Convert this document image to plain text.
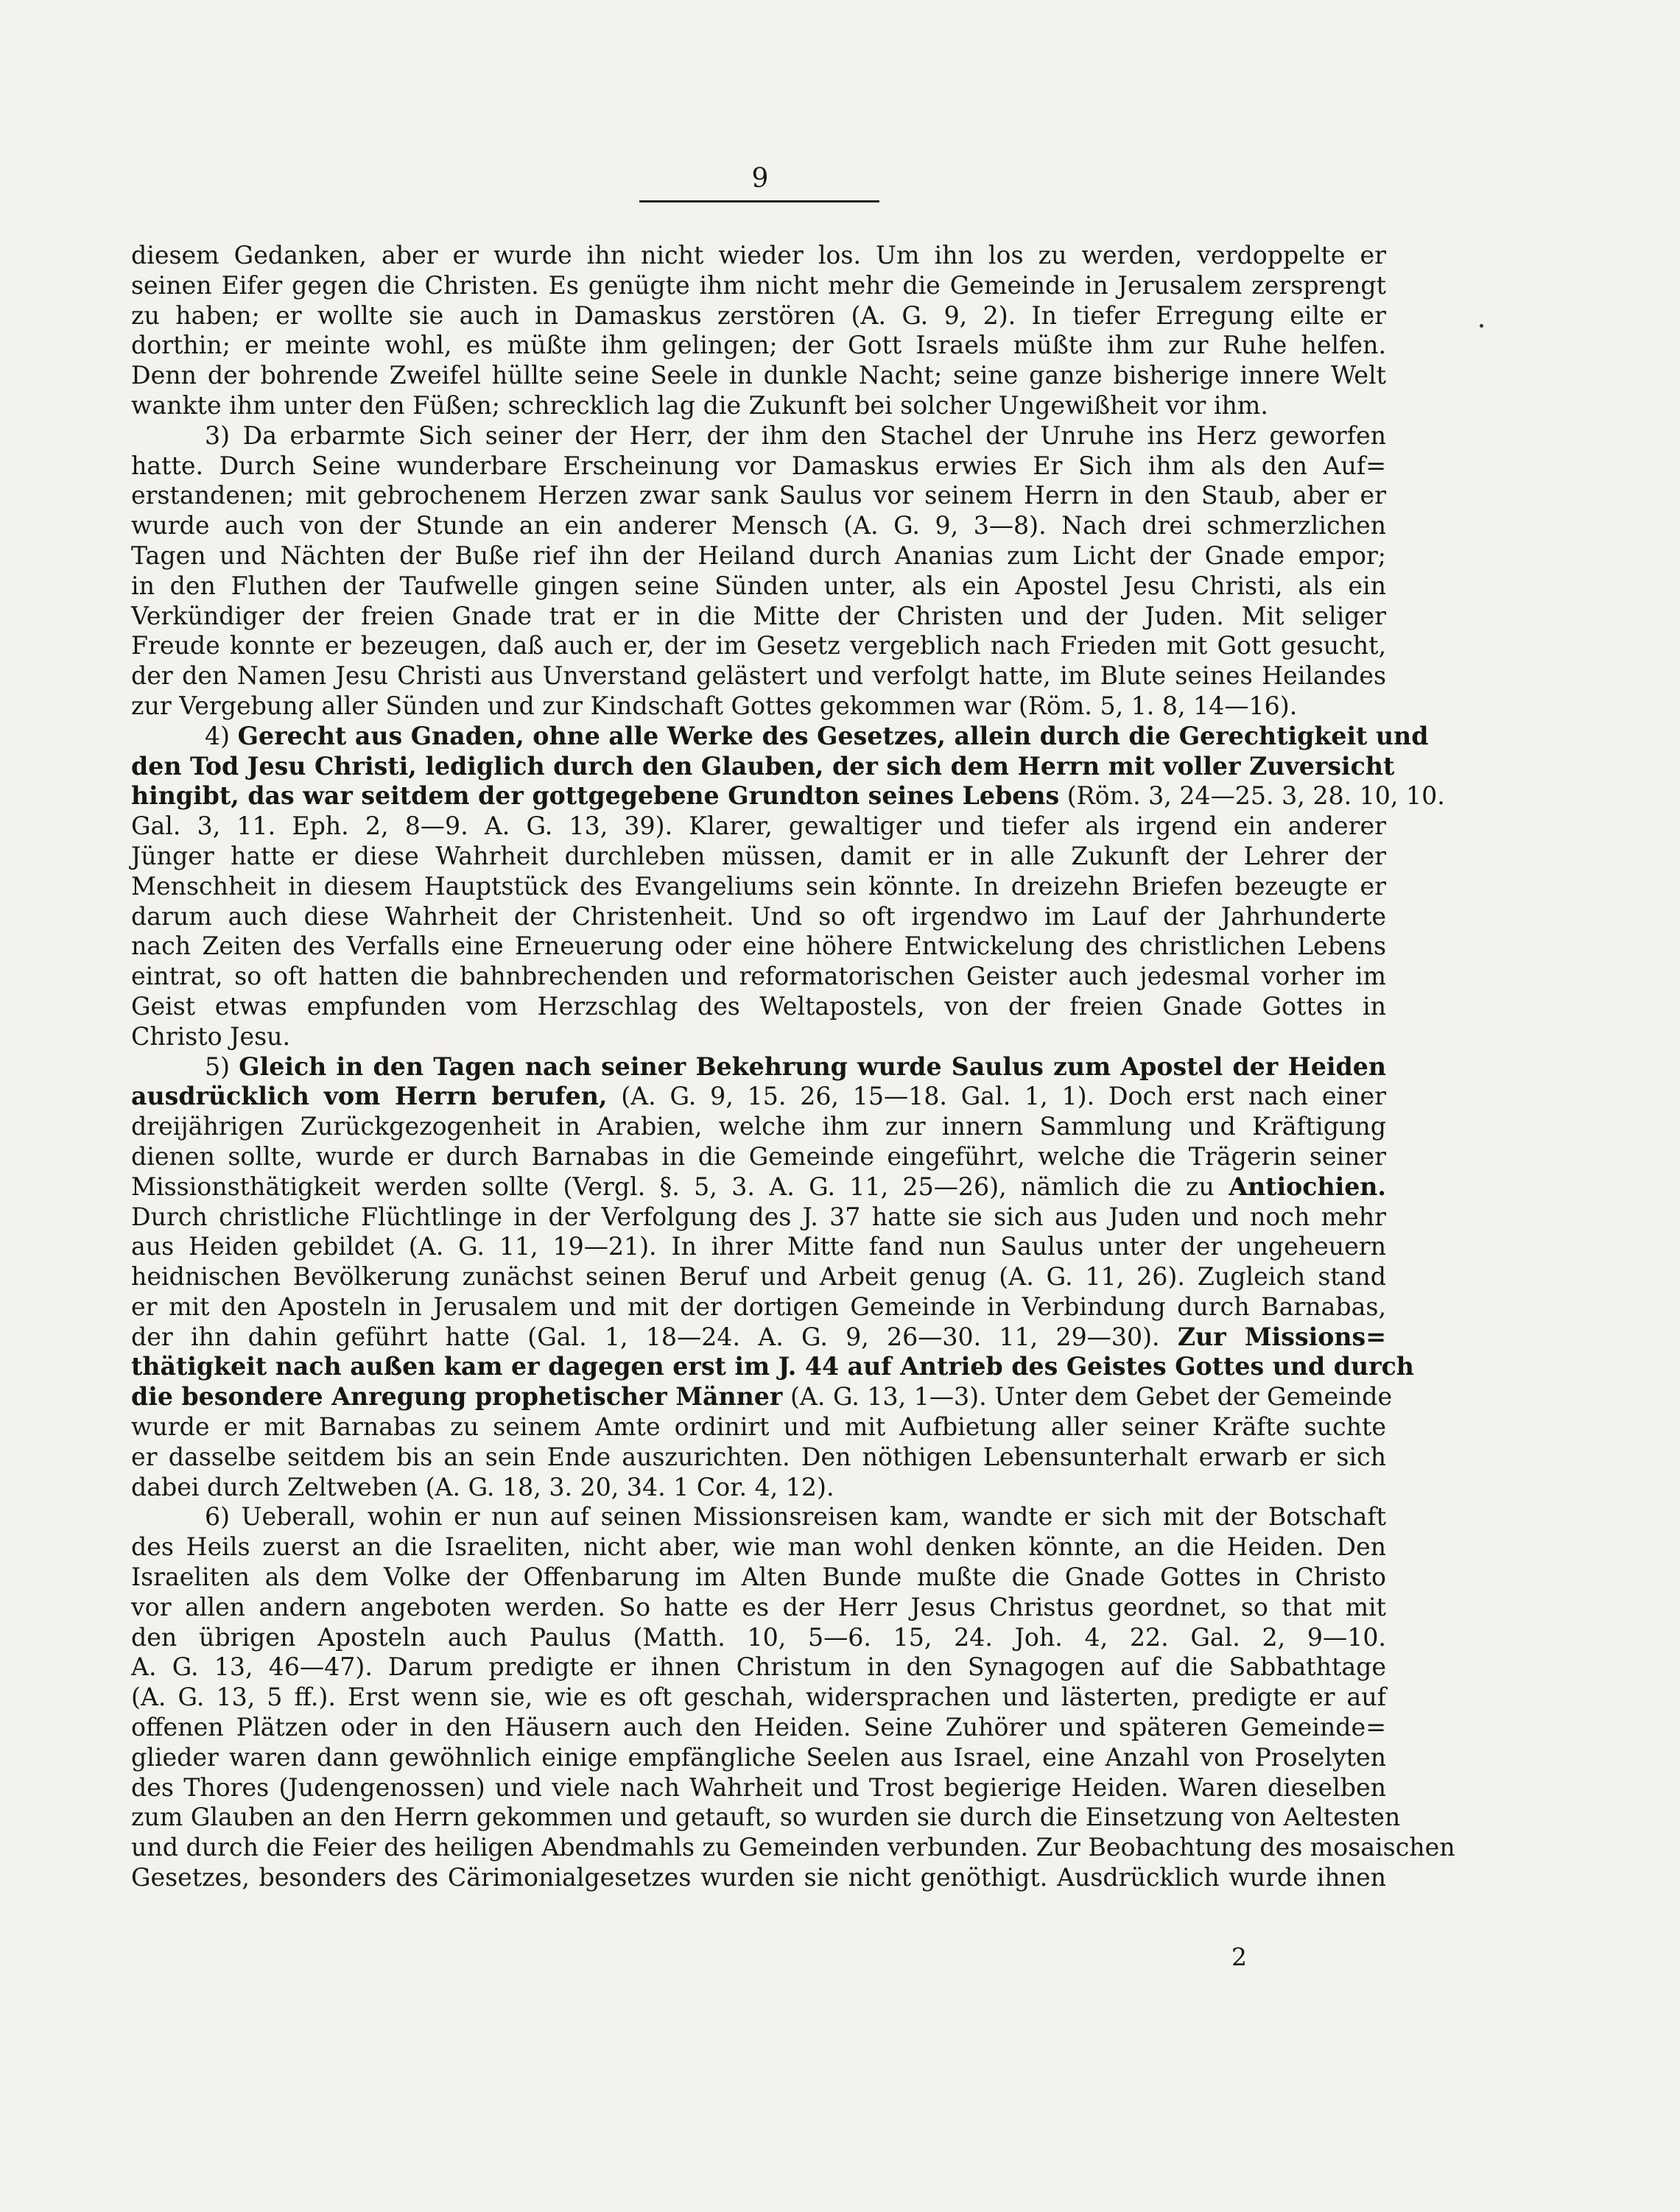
9
diesem Gedanken, aber er wurde ihn nicht wieder los. Um ihn los zu werden, verdoppelte er
seinen Eifer gegen die Christen. Es genügte ihm nicht mehr die Gemeinde in Jerusalem zersprengt
zu haben; er wollte sie auch in Damaskus zerstören (A. G. 9, 2). In tiefer Erregung eilte er
dorthin; er meinte wohl, es müßte ihm gelingen; der Gott Israels müßte ihm zur Ruhe helfen.
Denn der bohrende Zweifel hüllte seine Seele in dunkle Nacht; seine ganze bisherige innere Welt
wankte ihm unter den Füßen; schrecklich lag die Zukunft bei solcher Ungewißheit vor ihm.
3) Da erbarmte Sich seiner der Herr, der ihm den Stachel der Unruhe ins Herz geworfen
hatte. Durch Seine wunderbare Erscheinung vor Damaskus erwies Er Sich ihm als den Auf=
erstandenen; mit gebrochenem Herzen zwar sank Saulus vor seinem Herrn in den Staub, aber er
wurde auch von der Stunde an ein anderer Mensch (A. G. 9, 3—8). Nach drei schmerzlichen
Tagen und Nächten der Buße rief ihn der Heiland durch Ananias zum Licht der Gnade empor;
in den Fluthen der Taufwelle gingen seine Sünden unter, als ein Apostel Jesu Christi, als ein
Verkündiger der freien Gnade trat er in die Mitte der Christen und der Juden. Mit seliger
Freude konnte er bezeugen, daß auch er, der im Gesetz vergeblich nach Frieden mit Gott gesucht,
der den Namen Jesu Christi aus Unverstand gelästert und verfolgt hatte, im Blute seines Heilandes
zur Vergebung aller Sünden und zur Kindschaft Gottes gekommen war (Röm. 5, 1. 8, 14—16).
4) Gerecht aus Gnaden, ohne alle Werke des Gesetzes, allein durch die Gerechtigkeit und
den Tod Jesu Christi, lediglich durch den Glauben, der sich dem Herrn mit voller Zuversicht
hingibt, das war seitdem der gottgegebene Grundton seines Lebens (Röm. 3, 24—25. 3, 28. 10, 10.
Gal. 3, 11. Eph. 2, 8—9. A. G. 13, 39). Klarer, gewaltiger und tiefer als irgend ein anderer
Jünger hatte er diese Wahrheit durchleben müssen, damit er in alle Zukunft der Lehrer der
Menschheit in diesem Hauptstück des Evangeliums sein könnte. In dreizehn Briefen bezeugte er
darum auch diese Wahrheit der Christenheit. Und so oft irgendwo im Lauf der Jahrhunderte
nach Zeiten des Verfalls eine Erneuerung oder eine höhere Entwickelung des christlichen Lebens
eintrat, so oft hatten die bahnbrechenden und reformatorischen Geister auch jedesmal vorher im
Geist etwas empfunden vom Herzschlag des Weltapostels, von der freien Gnade Gottes in
Christo Jesu.
5) Gleich in den Tagen nach seiner Bekehrung wurde Saulus zum Apostel der Heiden
ausdrücklich vom Herrn berufen, (A. G. 9, 15. 26, 15—18. Gal. 1, 1). Doch erst nach einer
dreijährigen Zurückgezogenheit in Arabien, welche ihm zur innern Sammlung und Kräftigung
dienen sollte, wurde er durch Barnabas in die Gemeinde eingeführt, welche die Trägerin seiner
Missionsthätigkeit werden sollte (Vergl. §. 5, 3. A. G. 11, 25—26), nämlich die zu Antiochien.
Durch christliche Flüchtlinge in der Verfolgung des J. 37 hatte sie sich aus Juden und noch mehr
aus Heiden gebildet (A. G. 11, 19—21). In ihrer Mitte fand nun Saulus unter der ungeheuern
heidnischen Bevölkerung zunächst seinen Beruf und Arbeit genug (A. G. 11, 26). Zugleich stand
er mit den Aposteln in Jerusalem und mit der dortigen Gemeinde in Verbindung durch Barnabas,
der ihn dahin geführt hatte (Gal. 1, 18—24. A. G. 9, 26—30. 11, 29—30). Zur Missions=
thätigkeit nach außen kam er dagegen erst im J. 44 auf Antrieb des Geistes Gottes und durch
die besondere Anregung prophetischer Männer (A. G. 13, 1—3). Unter dem Gebet der Gemeinde
wurde er mit Barnabas zu seinem Amte ordinirt und mit Aufbietung aller seiner Kräfte suchte
er dasselbe seitdem bis an sein Ende auszurichten. Den nöthigen Lebensunterhalt erwarb er sich
dabei durch Zeltweben (A. G. 18, 3. 20, 34. 1 Cor. 4, 12).
6) Ueberall, wohin er nun auf seinen Missionsreisen kam, wandte er sich mit der Botschaft
des Heils zuerst an die Israeliten, nicht aber, wie man wohl denken könnte, an die Heiden. Den
Israeliten als dem Volke der Offenbarung im Alten Bunde mußte die Gnade Gottes in Christo
vor allen andern angeboten werden. So hatte es der Herr Jesus Christus geordnet, so that mit
den übrigen Aposteln auch Paulus (Matth. 10, 5—6. 15, 24. Joh. 4, 22. Gal. 2, 9—10.
A. G. 13, 46—47). Darum predigte er ihnen Christum in den Synagogen auf die Sabbathtage
(A. G. 13, 5 ff.). Erst wenn sie, wie es oft geschah, widersprachen und lästerten, predigte er auf
offenen Plätzen oder in den Häusern auch den Heiden. Seine Zuhörer und späteren Gemeinde=
glieder waren dann gewöhnlich einige empfängliche Seelen aus Israel, eine Anzahl von Proselyten
des Thores (Judengenossen) und viele nach Wahrheit und Trost begierige Heiden. Waren dieselben
zum Glauben an den Herrn gekommen und getauft, so wurden sie durch die Einsetzung von Aeltesten
und durch die Feier des heiligen Abendmahls zu Gemeinden verbunden. Zur Beobachtung des mosaischen
Gesetzes, besonders des Cärimonialgesetzes wurden sie nicht genöthigt. Ausdrücklich wurde ihnen
2
